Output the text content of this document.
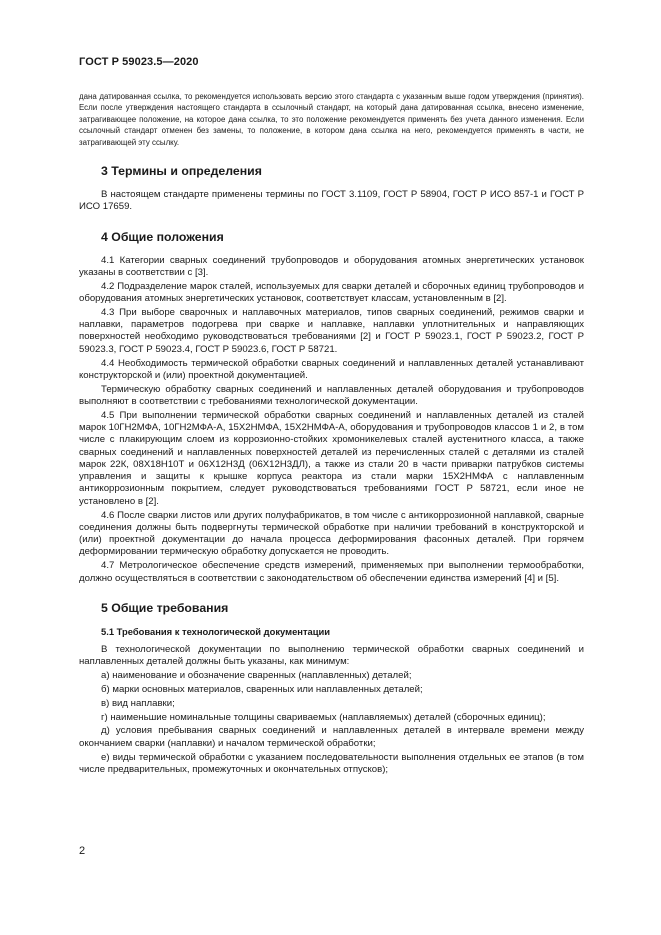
ГОСТ Р 59023.5—2020

дана датированная ссылка, то рекомендуется использовать версию этого стандарта с указанным выше годом утверждения (принятия). Если после утверждения настоящего стандарта в ссылочный стандарт, на который дана датированная ссылка, внесено изменение, затрагивающее положение, на которое дана ссылка, то это положение рекомендуется применять без учета данного изменения. Если ссылочный стандарт отменен без замены, то положение, в котором дана ссылка на него, рекомендуется применять в части, не затрагивающей эту ссылку.

3 Термины и определения

В настоящем стандарте применены термины по ГОСТ 3.1109, ГОСТ Р 58904, ГОСТ Р ИСО 857-1 и ГОСТ Р ИСО 17659.

4 Общие положения

4.1 Категории сварных соединений трубопроводов и оборудования атомных энергетических установок указаны в соответствии с [3].

4.2 Подразделение марок сталей, используемых для сварки деталей и сборочных единиц трубопроводов и оборудования атомных энергетических установок, соответствует классам, установленным в [2].

4.3 При выборе сварочных и наплавочных материалов, типов сварных соединений, режимов сварки и наплавки, параметров подогрева при сварке и наплавке, наплавки уплотнительных и направляющих поверхностей необходимо руководствоваться требованиями [2] и ГОСТ Р 59023.1, ГОСТ Р 59023.2, ГОСТ Р 59023.3, ГОСТ Р 59023.4, ГОСТ Р 59023.6, ГОСТ Р 58721.

4.4 Необходимость термической обработки сварных соединений и наплавленных деталей устанавливают конструкторской и (или) проектной документацией.

Термическую обработку сварных соединений и наплавленных деталей оборудования и трубопроводов выполняют в соответствии с требованиями технологической документации.

4.5 При выполнении термической обработки сварных соединений и наплавленных деталей из сталей марок 10ГН2МФА, 10ГН2МФА-А, 15Х2НМФА, 15Х2НМФА-А, оборудования и трубопроводов классов 1 и 2, в том числе с плакирующим слоем из коррозионно-стойких хромоникелевых сталей аустенитного класса, а также сварных соединений и наплавленных поверхностей деталей из перечисленных сталей с деталями из сталей марок 22К, 08Х18Н10Т и 06Х12Н3Д (06Х12Н3ДЛ), а также из стали 20 в части приварки патрубков системы управления и защиты к крышке корпуса реактора из стали марки 15Х2НМФА с наплавленным антикоррозионным покрытием, следует руководствоваться требованиями ГОСТ Р 58721, если иное не установлено в [2].

4.6 После сварки листов или других полуфабрикатов, в том числе с антикоррозионной наплавкой, сварные соединения должны быть подвергнуты термической обработке при наличии требований в конструкторской и (или) проектной документации до начала процесса деформирования фасонных деталей. При горячем деформировании термическую обработку допускается не проводить.

4.7 Метрологическое обеспечение средств измерений, применяемых при выполнении термообработки, должно осуществляться в соответствии с законодательством об обеспечении единства измерений [4] и [5].

5 Общие требования
5.1 Требования к технологической документации

В технологической документации по выполнению термической обработки сварных соединений и наплавленных деталей должны быть указаны, как минимум:

а) наименование и обозначение сваренных (наплавленных) деталей;

б) марки основных материалов, сваренных или наплавленных деталей;

в) вид наплавки;

г) наименьшие номинальные толщины свариваемых (наплавляемых) деталей (сборочных единиц);

д) условия пребывания сварных соединений и наплавленных деталей в интервале времени между окончанием сварки (наплавки) и началом термической обработки;

е) виды термической обработки с указанием последовательности выполнения отдельных ее этапов (в том числе предварительных, промежуточных и окончательных отпусков);

2
